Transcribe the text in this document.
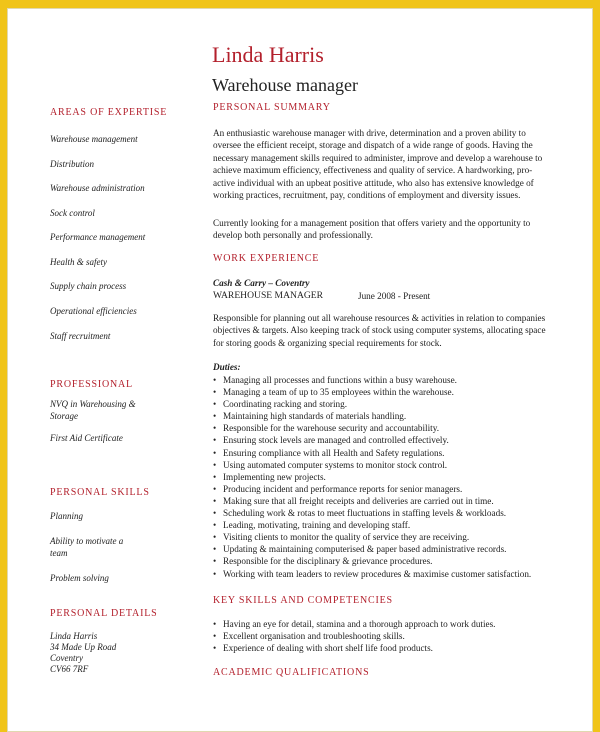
Linda Harris
Warehouse manager
AREAS OF EXPERTISE
Warehouse management
Distribution
Warehouse administration
Sock control
Performance management
Health & safety
Supply chain process
Operational efficiencies
Staff recruitment
PROFESSIONAL
NVQ in Warehousing & Storage
First Aid Certificate
PERSONAL SKILLS
Planning
Ability to motivate a team
Problem solving
PERSONAL DETAILS
Linda Harris
34 Made Up Road
Coventry
CV66 7RF
PERSONAL SUMMARY
An enthusiastic warehouse manager with drive, determination and a proven ability to oversee the efficient receipt, storage and dispatch of a wide range of goods. Having the necessary management skills required to administer, improve and develop a warehouse to achieve maximum efficiency, effectiveness and quality of service. A hardworking, pro-active individual with an upbeat positive attitude, who also has extensive knowledge of working practices, recruitment, pay, conditions of employment and diversity issues.
Currently looking for a management position that offers variety and the opportunity to develop both personally and professionally.
WORK EXPERIENCE
Cash & Carry – Coventry
WAREHOUSE MANAGER	June 2008 - Present
Responsible for planning out all warehouse resources & activities in relation to companies objectives & targets. Also keeping track of stock using computer systems, allocating space for storing goods & organizing special requirements for stock.
Duties:
• Managing all processes and functions within a busy warehouse.
• Managing a team of up to 35 employees within the warehouse.
• Coordinating racking and storing.
• Maintaining high standards of materials handling.
• Responsible for the warehouse security and accountability.
• Ensuring stock levels are managed and controlled effectively.
• Ensuring compliance with all Health and Safety regulations.
• Using automated computer systems to monitor stock control.
• Implementing new projects.
• Producing incident and performance reports for senior managers.
• Making sure that all freight receipts and deliveries are carried out in time.
• Scheduling work & rotas to meet fluctuations in staffing levels & workloads.
• Leading, motivating, training and developing staff.
• Visiting clients to monitor the quality of service they are receiving.
• Updating & maintaining computerised & paper based administrative records.
• Responsible for the disciplinary & grievance procedures.
• Working with team leaders to review procedures & maximise customer satisfaction.
KEY SKILLS AND COMPETENCIES
• Having an eye for detail, stamina and a thorough approach to work duties.
• Excellent organisation and troubleshooting skills.
• Experience of dealing with short shelf life food products.
ACADEMIC QUALIFICATIONS
